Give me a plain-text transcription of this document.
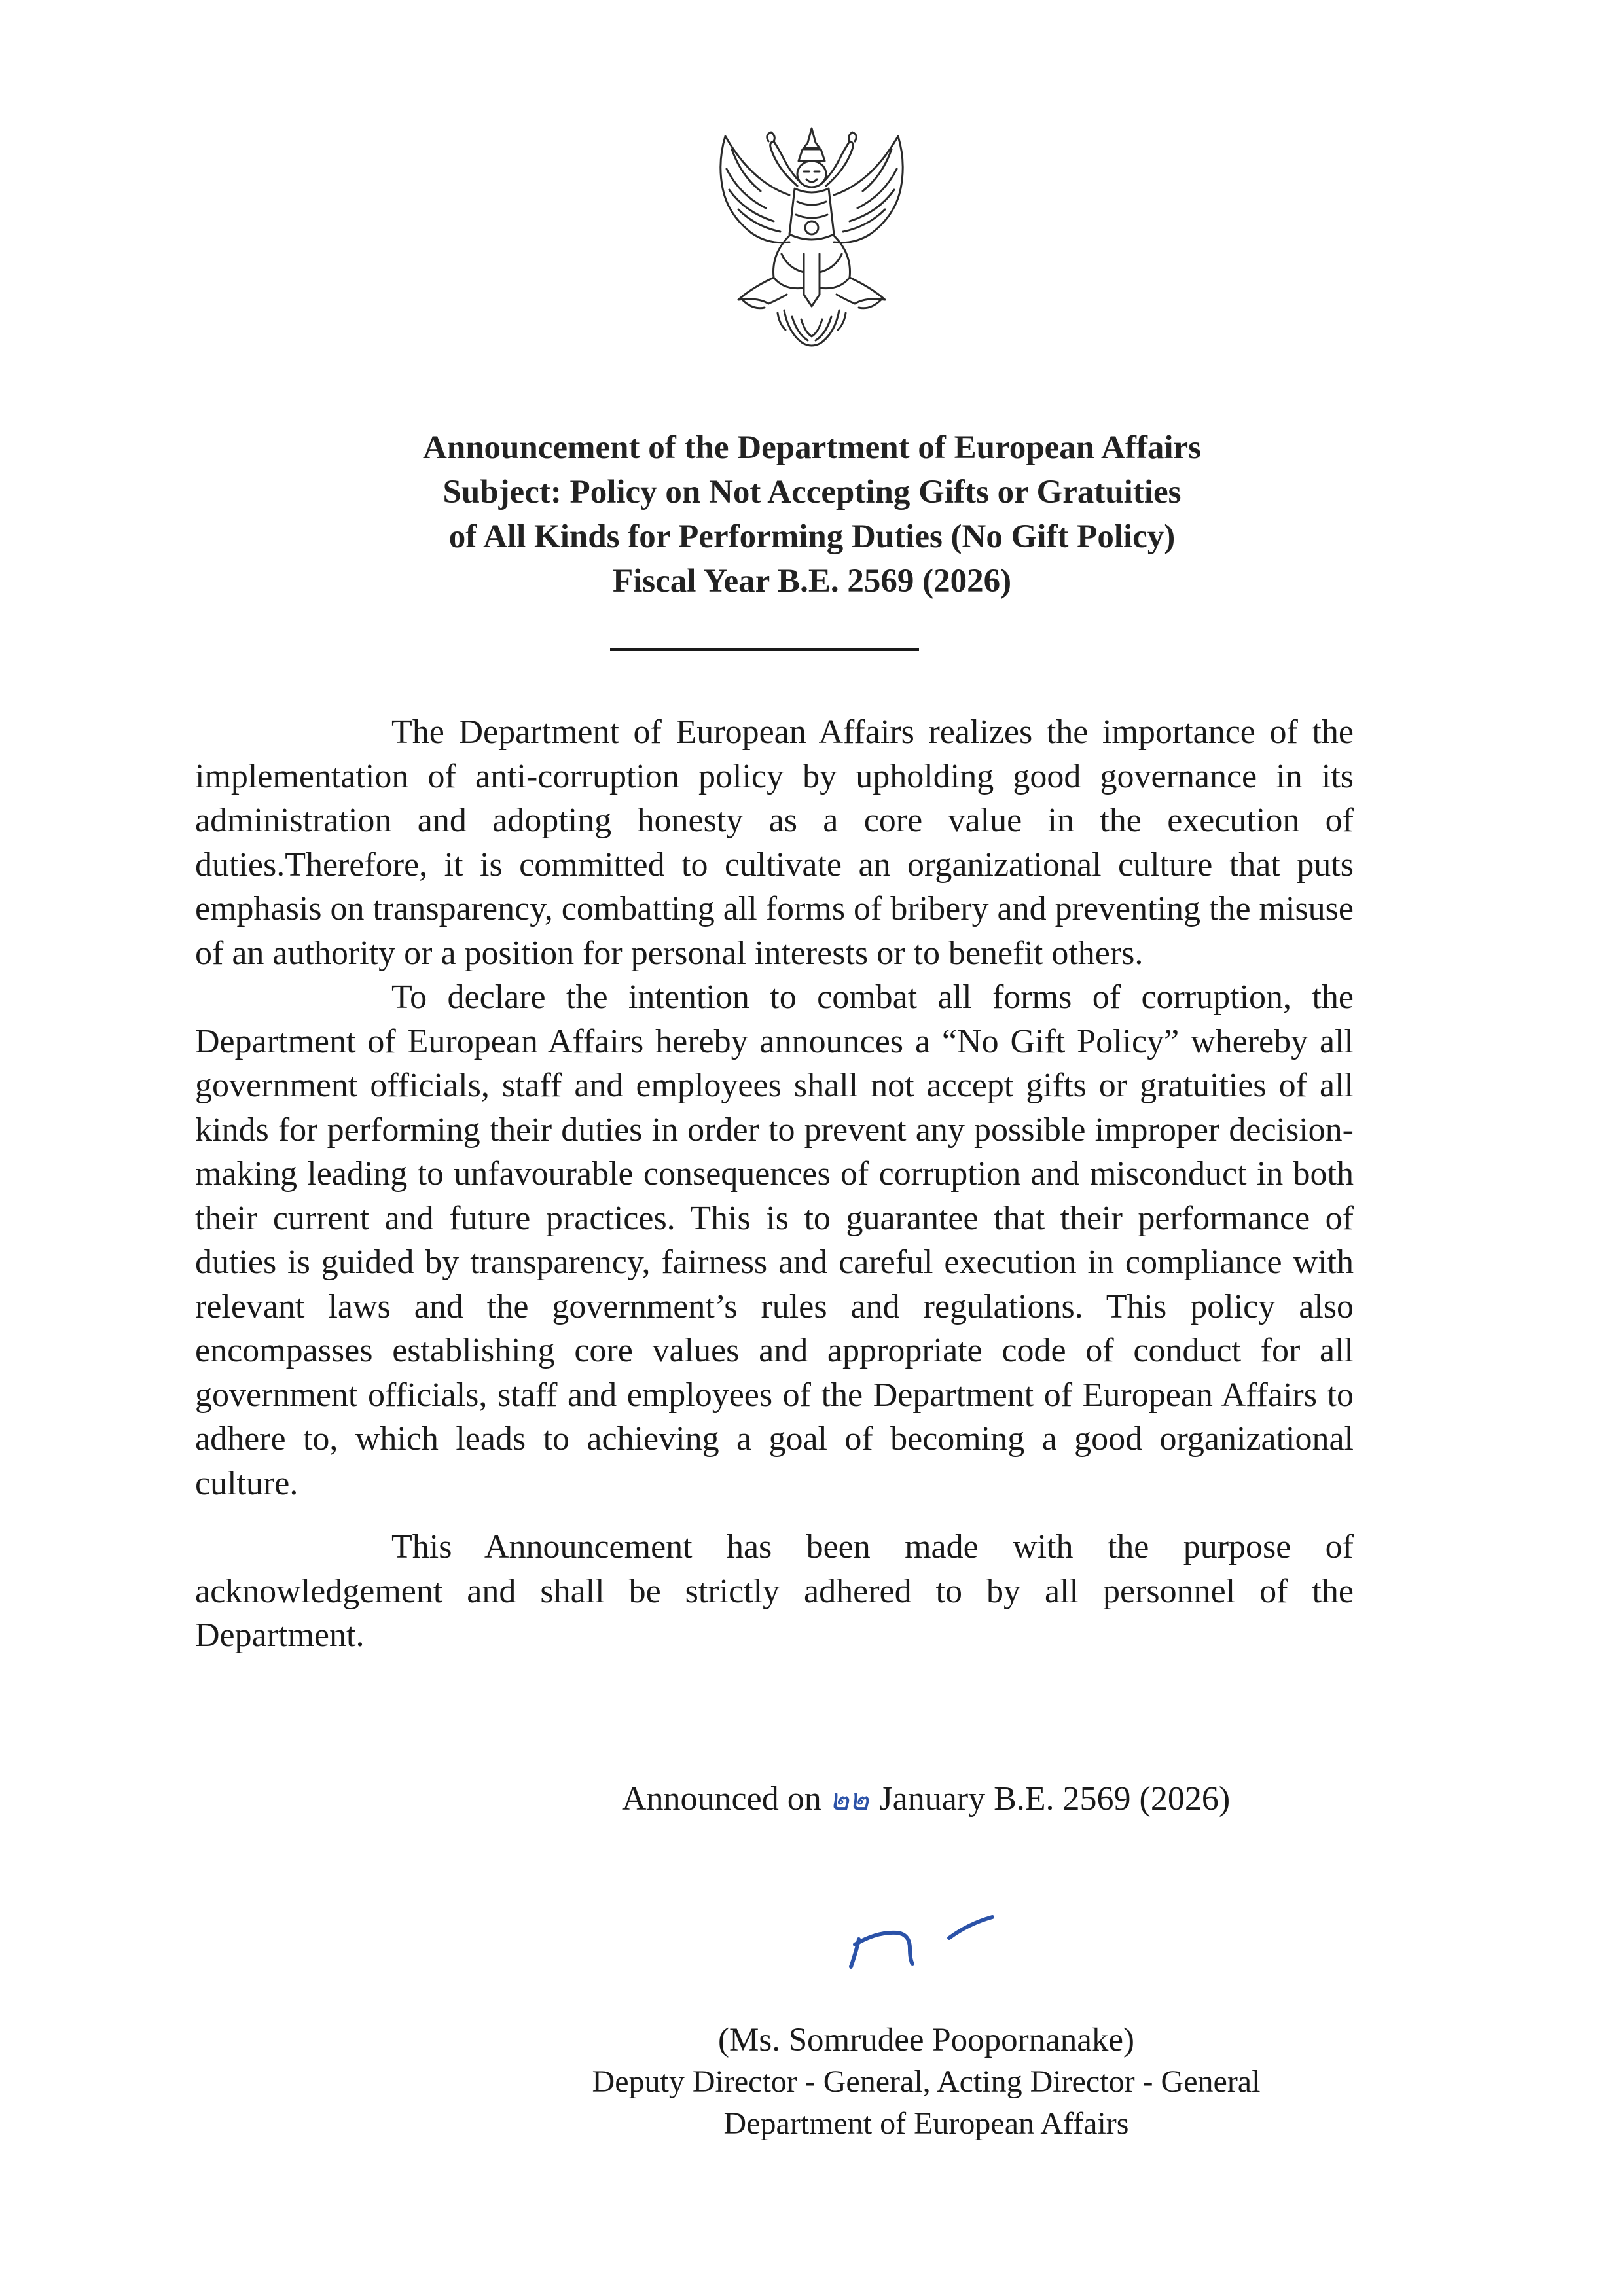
Announcement of the Department of European Affairs
Subject: Policy on Not Accepting Gifts or Gratuities
of All Kinds for Performing Duties (No Gift Policy)
Fiscal Year B.E. 2569 (2026)

The Department of European Affairs realizes the importance of the implementation of anti-corruption policy by upholding good governance in its administration and adopting honesty as a core value in the execution of duties.Therefore, it is committed to cultivate an organizational culture that puts emphasis on transparency, combatting all forms of bribery and preventing the misuse of an authority or a position for personal interests or to benefit others.

To declare the intention to combat all forms of corruption, the Department of European Affairs hereby announces a “No Gift Policy” whereby all government officials, staff and employees shall not accept gifts or gratuities of all kinds for performing their duties in order to prevent any possible improper decision-making leading to unfavourable consequences of corruption and misconduct in both their current and future practices. This is to guarantee that their performance of duties is guided by transparency, fairness and careful execution in compliance with relevant laws and the government’s rules and regulations. This policy also encompasses establishing core values and appropriate code of conduct for all government officials, staff and employees of the Department of European Affairs to adhere to, which leads to achieving a goal of becoming a good organizational culture.

This Announcement has been made with the purpose of acknowledgement and shall be strictly adhered to by all personnel of the Department.

Announced on ๒๒ January B.E. 2569 (2026)
(Ms. Somrudee Poopornanake)
Deputy Director - General, Acting Director - General
Department of European Affairs
